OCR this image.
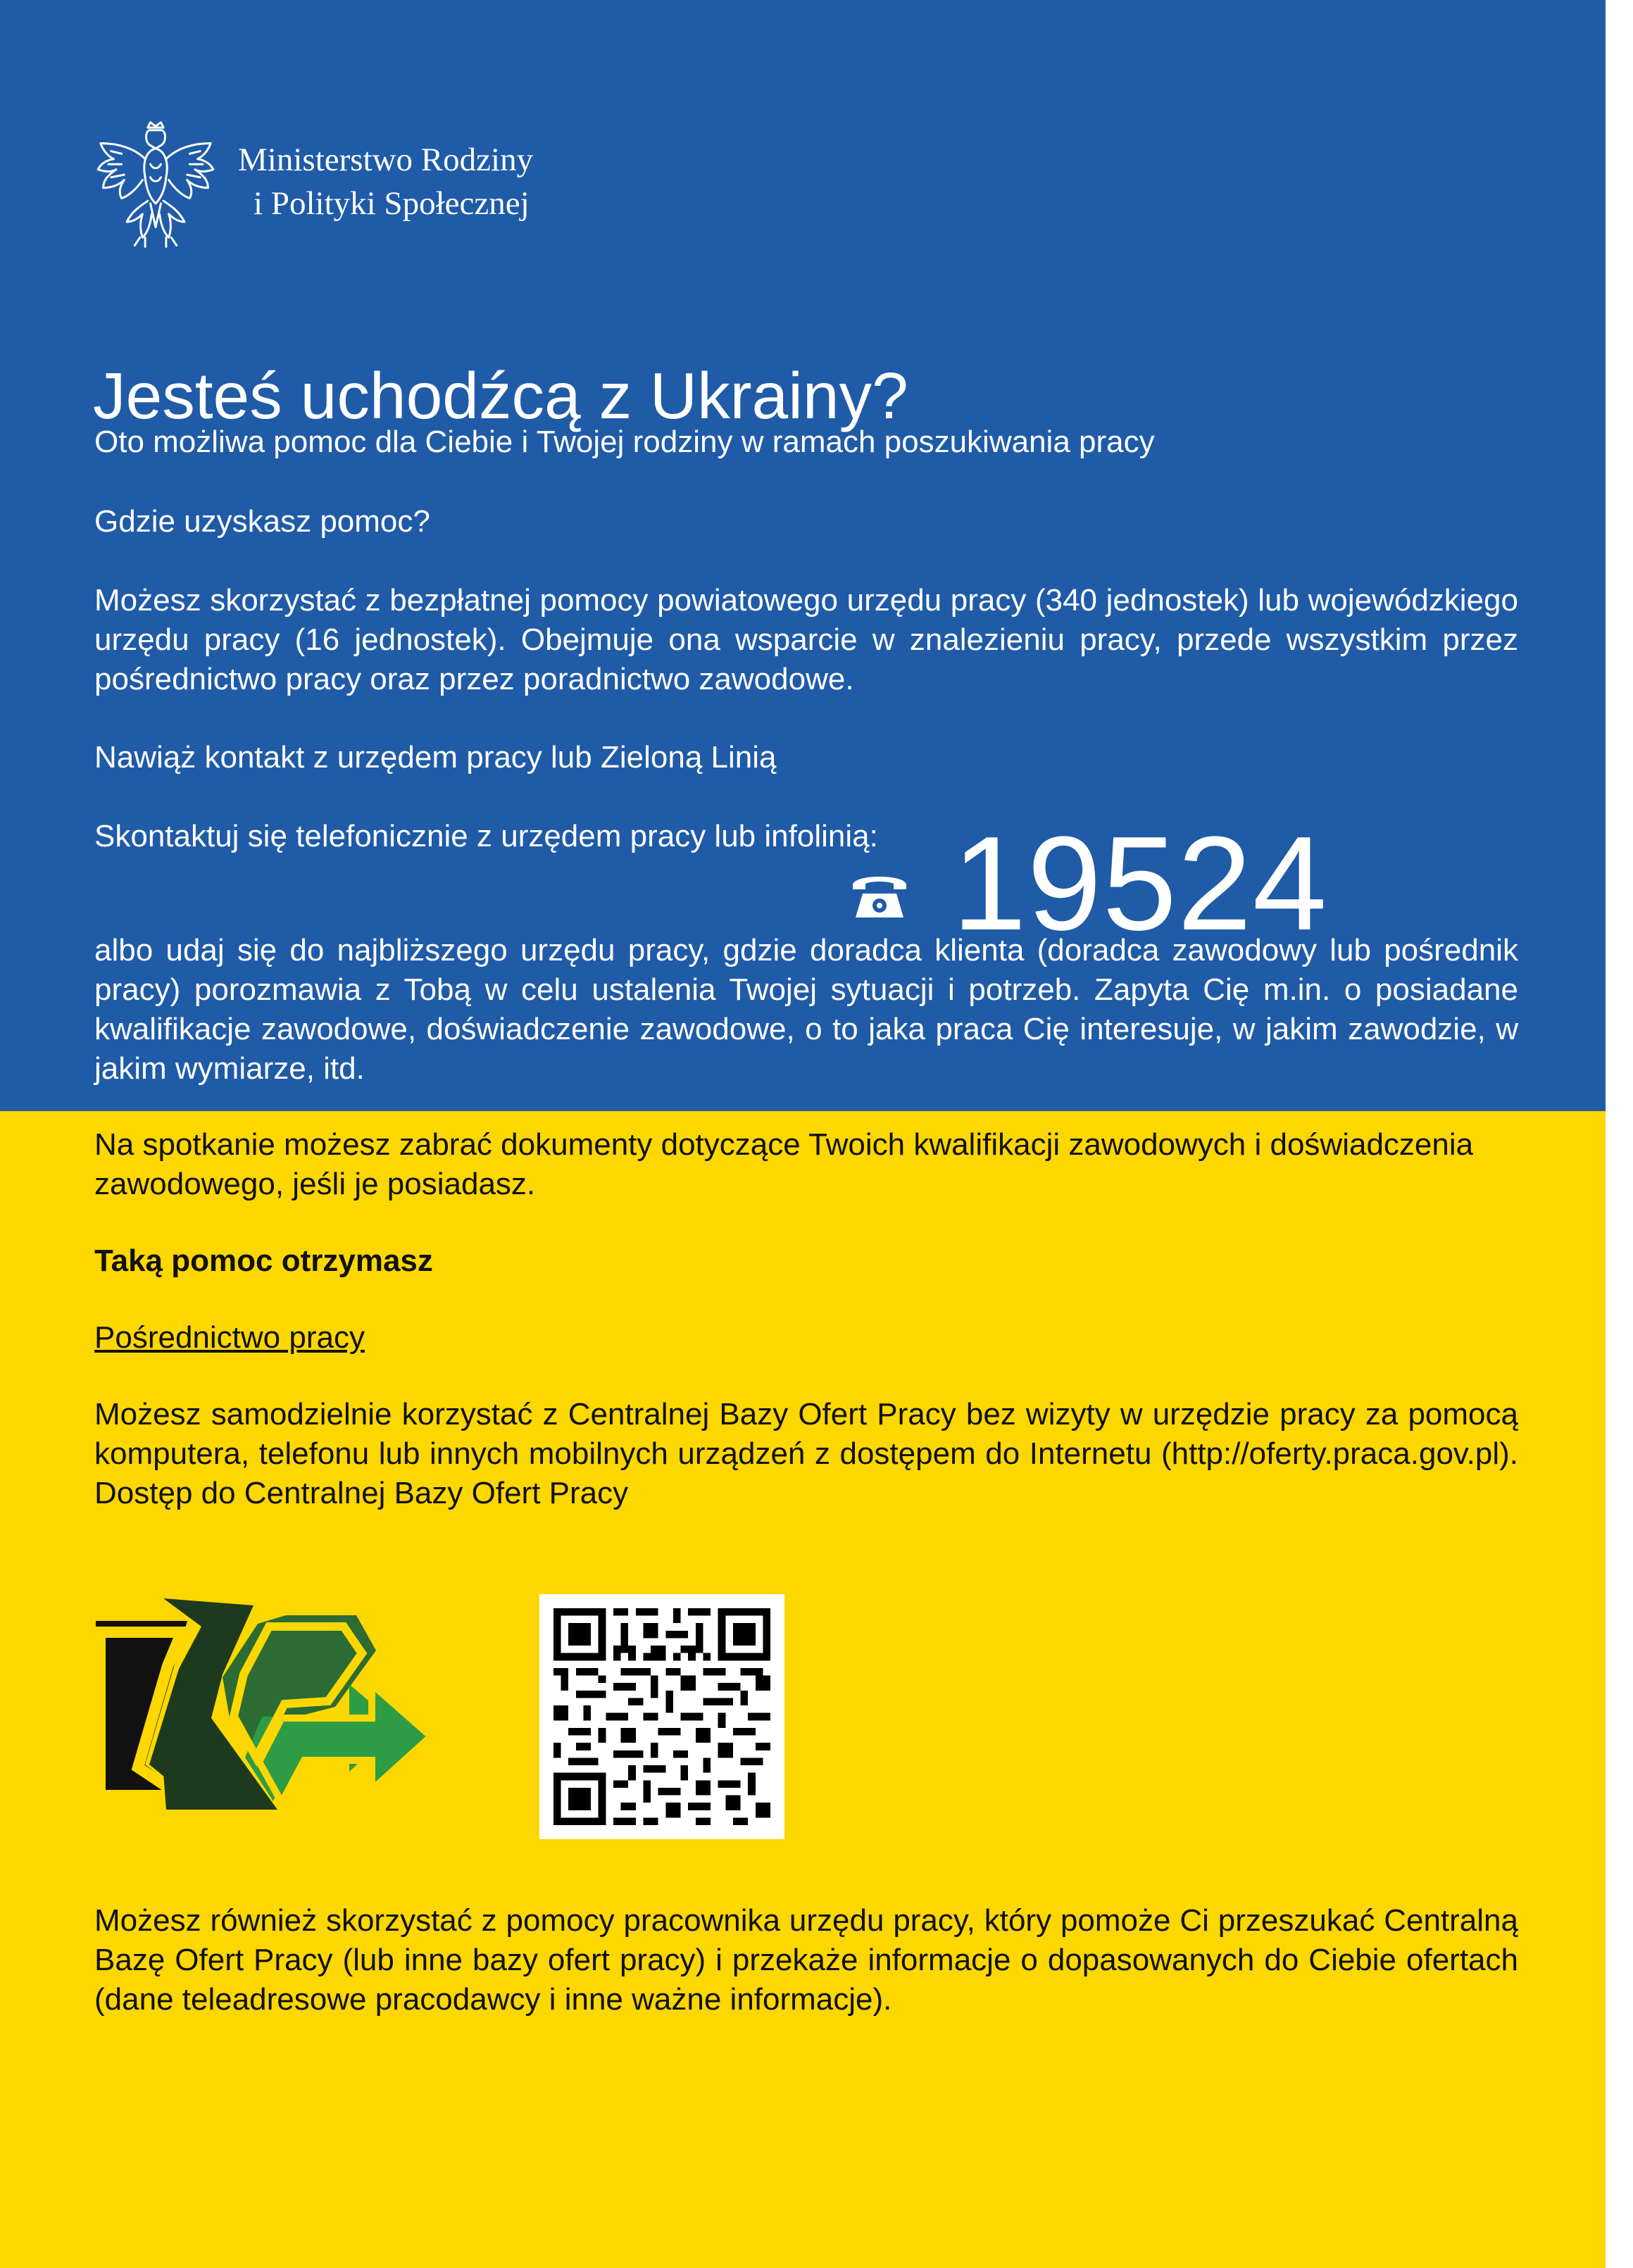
Ministerstwo Rodziny
i Polityki Społecznej
Jesteś uchodźcą z Ukrainy?
Oto możliwa pomoc dla Ciebie i Twojej rodziny w ramach poszukiwania pracy
Gdzie uzyskasz pomoc?
Możesz skorzystać z bezpłatnej pomocy powiatowego urzędu pracy (340 jednostek) lub wojewódzkiego urzędu pracy (16 jednostek). Obejmuje ona wsparcie w znalezieniu pracy, przede wszystkim przez pośrednictwo pracy oraz przez poradnictwo zawodowe.
Nawiąż kontakt z urzędem pracy lub Zieloną Linią
Skontaktuj się telefonicznie z urzędem pracy lub infolinią: 19524
albo udaj się do najbliższego urzędu pracy, gdzie doradca klienta (doradca zawodowy lub pośrednik pracy) porozmawia z Tobą w celu ustalenia Twojej sytuacji i potrzeb. Zapyta Cię m.in. o posiadane kwalifikacje zawodowe, doświadczenie zawodowe, o to jaka praca Cię interesuje, w jakim zawodzie, w jakim wymiarze, itd.
Na spotkanie możesz zabrać dokumenty dotyczące Twoich kwalifikacji zawodowych i doświadczenia zawodowego, jeśli je posiadasz.
Taką pomoc otrzymasz
Pośrednictwo pracy
Możesz samodzielnie korzystać z Centralnej Bazy Ofert Pracy bez wizyty w urzędzie pracy za pomocą komputera, telefonu lub innych mobilnych urządzeń z dostępem do Internetu (http://oferty.praca.gov.pl). Dostęp do Centralnej Bazy Ofert Pracy
Możesz również skorzystać z pomocy pracownika urzędu pracy, który pomoże Ci przeszukać Centralną Bazę Ofert Pracy (lub inne bazy ofert pracy) i przekaże informacje o dopasowanych do Ciebie ofertach (dane teleadresowe pracodawcy i inne ważne informacje).
